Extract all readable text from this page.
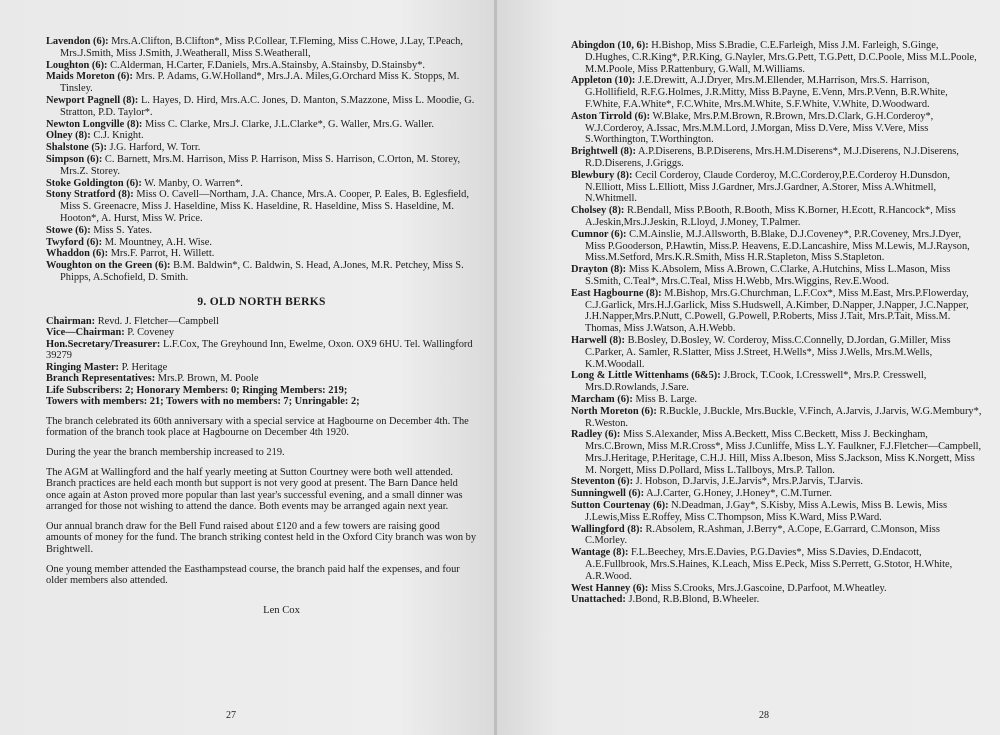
Lavendon (6): Mrs.A.Clifton, B.Clifton*, Miss P.Collear, T.Fleming, Miss C.Howe, J.Lay, T.Peach, Mrs.J.Smith, Miss J.Smith, J.Weatherall, Miss S.Weatherall,

Loughton (6): C.Alderman, H.Carter, F.Daniels, Mrs.A.Stainsby, A.Stainsby, D.Stainsby*.

Maids Moreton (6): Mrs. P. Adams, G.W.Holland*, Mrs.J.A. Miles,G.Orchard Miss K. Stopps, M. Tinsley.

Newport Pagnell (8): L. Hayes, D. Hird, Mrs.A.C. Jones, D. Manton, S.Mazzone, Miss L. Moodie, G. Stratton, P.D. Taylor*.

Newton Longville (8): Miss C. Clarke, Mrs.J. Clarke, J.L.Clarke*, G. Waller, Mrs.G. Waller.

Olney (8): C.J. Knight.

Shalstone (5): J.G. Harford, W. Torr.

Simpson (6): C. Barnett, Mrs.M. Harrison, Miss P. Harrison, Miss S. Harrison, C.Orton, M. Storey, Mrs.Z. Storey.

Stoke Goldington (6): W. Manby, O. Warren*.

Stony Stratford (8): Miss O. Cavell—Northam, J.A. Chance, Mrs.A. Cooper, P. Eales, B. Eglesfield, Miss S. Greenacre, Miss J. Haseldine, Miss K. Haseldine, R. Haseldine, Miss S. Haseldine, M. Hooton*, A. Hurst, Miss W. Price.

Stowe (6): Miss S. Yates.

Twyford (6): M. Mountney, A.H. Wise.

Whaddon (6): Mrs.F. Parrot, H. Willett.

Woughton on the Green (6): B.M. Baldwin*, C. Baldwin, S. Head, A.Jones, M.R. Petchey, Miss S. Phipps, A.Schofield, D. Smith.

9. OLD NORTH BERKS

Chairman: Revd. J. Fletcher—Campbell

Vice—Chairman: P. Coveney

Hon.Secretary/Treasurer: L.F.Cox, The Greyhound Inn, Ewelme, Oxon. OX9 6HU. Tel. Wallingford 39279

Ringing Master: P. Heritage

Branch Representatives: Mrs.P. Brown, M. Poole

Life Subscribers: 2; Honorary Members: 0; Ringing Members: 219;

Towers with members: 21; Towers with no members: 7; Unringable: 2;

The branch celebrated its 60th anniversary with a special service at Hagbourne on December 4th. The formation of the branch took place at Hagbourne on December 4th 1920.

During the year the branch membership increased to 219.

The AGM at Wallingford and the half yearly meeting at Sutton Courtney were both well attended. Branch practices are held each month but support is not very good at present. The Barn Dance held once again at Aston proved more popular than last year's successful evening, and a small dinner was arranged for those not wishing to attend the dance. Both events may be arranged again next year.

Our annual branch draw for the Bell Fund raised about £120 and a few towers are raising good amounts of money for the fund. The branch striking contest held in the Oxford City branch was won by Brightwell.

One young member attended the Easthampstead course, the branch paid half the expenses, and four older members also attended.

Len Cox
27

Abingdon (10, 6): H.Bishop, Miss S.Bradie, C.E.Farleigh, Miss J.M. Farleigh, S.Ginge, D.Hughes, C.R.King*, P.R.King, G.Nayler, Mrs.G.Pett, T.G.Pett, D.C.Poole, Miss M.L.Poole, M.M.Poole, Miss P.Rattenbury, G.Wall, M.Williams.

Appleton (10): J.E.Drewitt, A.J.Dryer, Mrs.M.Ellender, M.Harrison, Mrs.S. Harrison, G.Hollifield, R.F.G.Holmes, J.R.Mitty, Miss B.Payne, E.Venn, Mrs.P.Venn, B.R.White, F.White, F.A.White*, F.C.White, Mrs.M.White, S.F.White, V.White, D.Woodward.

Aston Tirrold (6): W.Blake, Mrs.P.M.Brown, R.Brown, Mrs.D.Clark, G.H.Corderoy*, W.J.Corderoy, A.Issac, Mrs.M.M.Lord, J.Morgan, Miss D.Vere, Miss V.Vere, Miss S.Worthington, T.Worthington.

Brightwell (8): A.P.Diserens, B.P.Diserens, Mrs.H.M.Diserens*, M.J.Diserens, N.J.Diserens, R.D.Diserens, J.Griggs.

Blewbury (8): Cecil Corderoy, Claude Corderoy, M.C.Corderoy,P.E.Corderoy H.Dunsdon, N.Elliott, Miss L.Elliott, Miss J.Gardner, Mrs.J.Gardner, A.Storer, Miss A.Whitmell, N.Whitmell.

Cholsey (8): R.Bendall, Miss P.Booth, R.Booth, Miss K.Borner, H.Ecott, R.Hancock*, Miss A.Jeskin,Mrs.J.Jeskin, R.Lloyd, J.Money, T.Palmer.

Cumnor (6): C.M.Ainslie, M.J.Allsworth, B.Blake, D.J.Coveney*, P.R.Coveney, Mrs.J.Dyer, Miss P.Gooderson, P.Hawtin, Miss.P. Heavens, E.D.Lancashire, Miss M.Lewis, M.J.Rayson, Miss.M.Setford, Mrs.K.R.Smith, Miss H.R.Stapleton, Miss S.Stapleton.

Drayton (8): Miss K.Absolem, Miss A.Brown, C.Clarke, A.Hutchins, Miss L.Mason, Miss S.Smith, C.Teal*, Mrs.C.Teal, Miss H.Webb, Mrs.Wiggins, Rev.E.Wood.

East Hagbourne (8): M.Bishop, Mrs.G.Churchman, L.F.Cox*, Miss M.East, Mrs.P.Flowerday, C.J.Garlick, Mrs.H.J.Garlick, Miss S.Hudswell, A.Kimber, D.Napper, J.Napper, J.C.Napper, J.H.Napper,Mrs.P.Nutt, C.Powell, G.Powell, P.Roberts, Miss J.Tait, Mrs.P.Tait, Miss.M. Thomas, Miss J.Watson, A.H.Webb.

Harwell (8): B.Bosley, D.Bosley, W. Corderoy, Miss.C.Connelly, D.Jordan, G.Miller, Miss C.Parker, A. Samler, R.Slatter, Miss J.Street, H.Wells*, Miss J.Wells, Mrs.M.Wells, K.M.Woodall.

Long & Little Wittenhams (6&5): J.Brock, T.Cook, I.Cresswell*, Mrs.P. Cresswell, Mrs.D.Rowlands, J.Sare.

Marcham (6): Miss B. Large.

North Moreton (6): R.Buckle, J.Buckle, Mrs.Buckle, V.Finch, A.Jarvis, J.Jarvis, W.G.Membury*, R.Weston.

Radley (6): Miss S.Alexander, Miss A.Beckett, Miss C.Beckett, Miss J. Beckingham, Mrs.C.Brown, Miss M.R.Cross*, Miss J.Cunliffe, Miss L.Y. Faulkner, F.J.Fletcher—Campbell, Mrs.J.Heritage, P.Heritage, C.H.J. Hill, Miss A.Ibeson, Miss S.Jackson, Miss K.Norgett, Miss M. Norgett, Miss D.Pollard, Miss L.Tallboys, Mrs.P. Tallon.

Steventon (6): J. Hobson, D.Jarvis, J.E.Jarvis*, Mrs.P.Jarvis, T.Jarvis.

Sunningwell (6): A.J.Carter, G.Honey, J.Honey*, C.M.Turner.

Sutton Courtenay (6): N.Deadman, J.Gay*, S.Kisby, Miss A.Lewis, Miss B. Lewis, Miss J.Lewis,Miss E.Roffey, Miss C.Thompson, Miss K.Ward, Miss P.Ward.

Wallingford (8): R.Absolem, R.Ashman, J.Berry*, A.Cope, E.Garrard, C.Monson, Miss C.Morley.

Wantage (8): F.L.Beechey, Mrs.E.Davies, P.G.Davies*, Miss S.Davies, D.Endacott, A.E.Fullbrook, Mrs.S.Haines, K.Leach, Miss E.Peck, Miss S.Perrett, G.Stotor, H.White, A.R.Wood.

West Hanney (6): Miss S.Crooks, Mrs.J.Gascoine, D.Parfoot, M.Wheatley.

Unattached: J.Bond, R.B.Blond, B.Wheeler.

28
